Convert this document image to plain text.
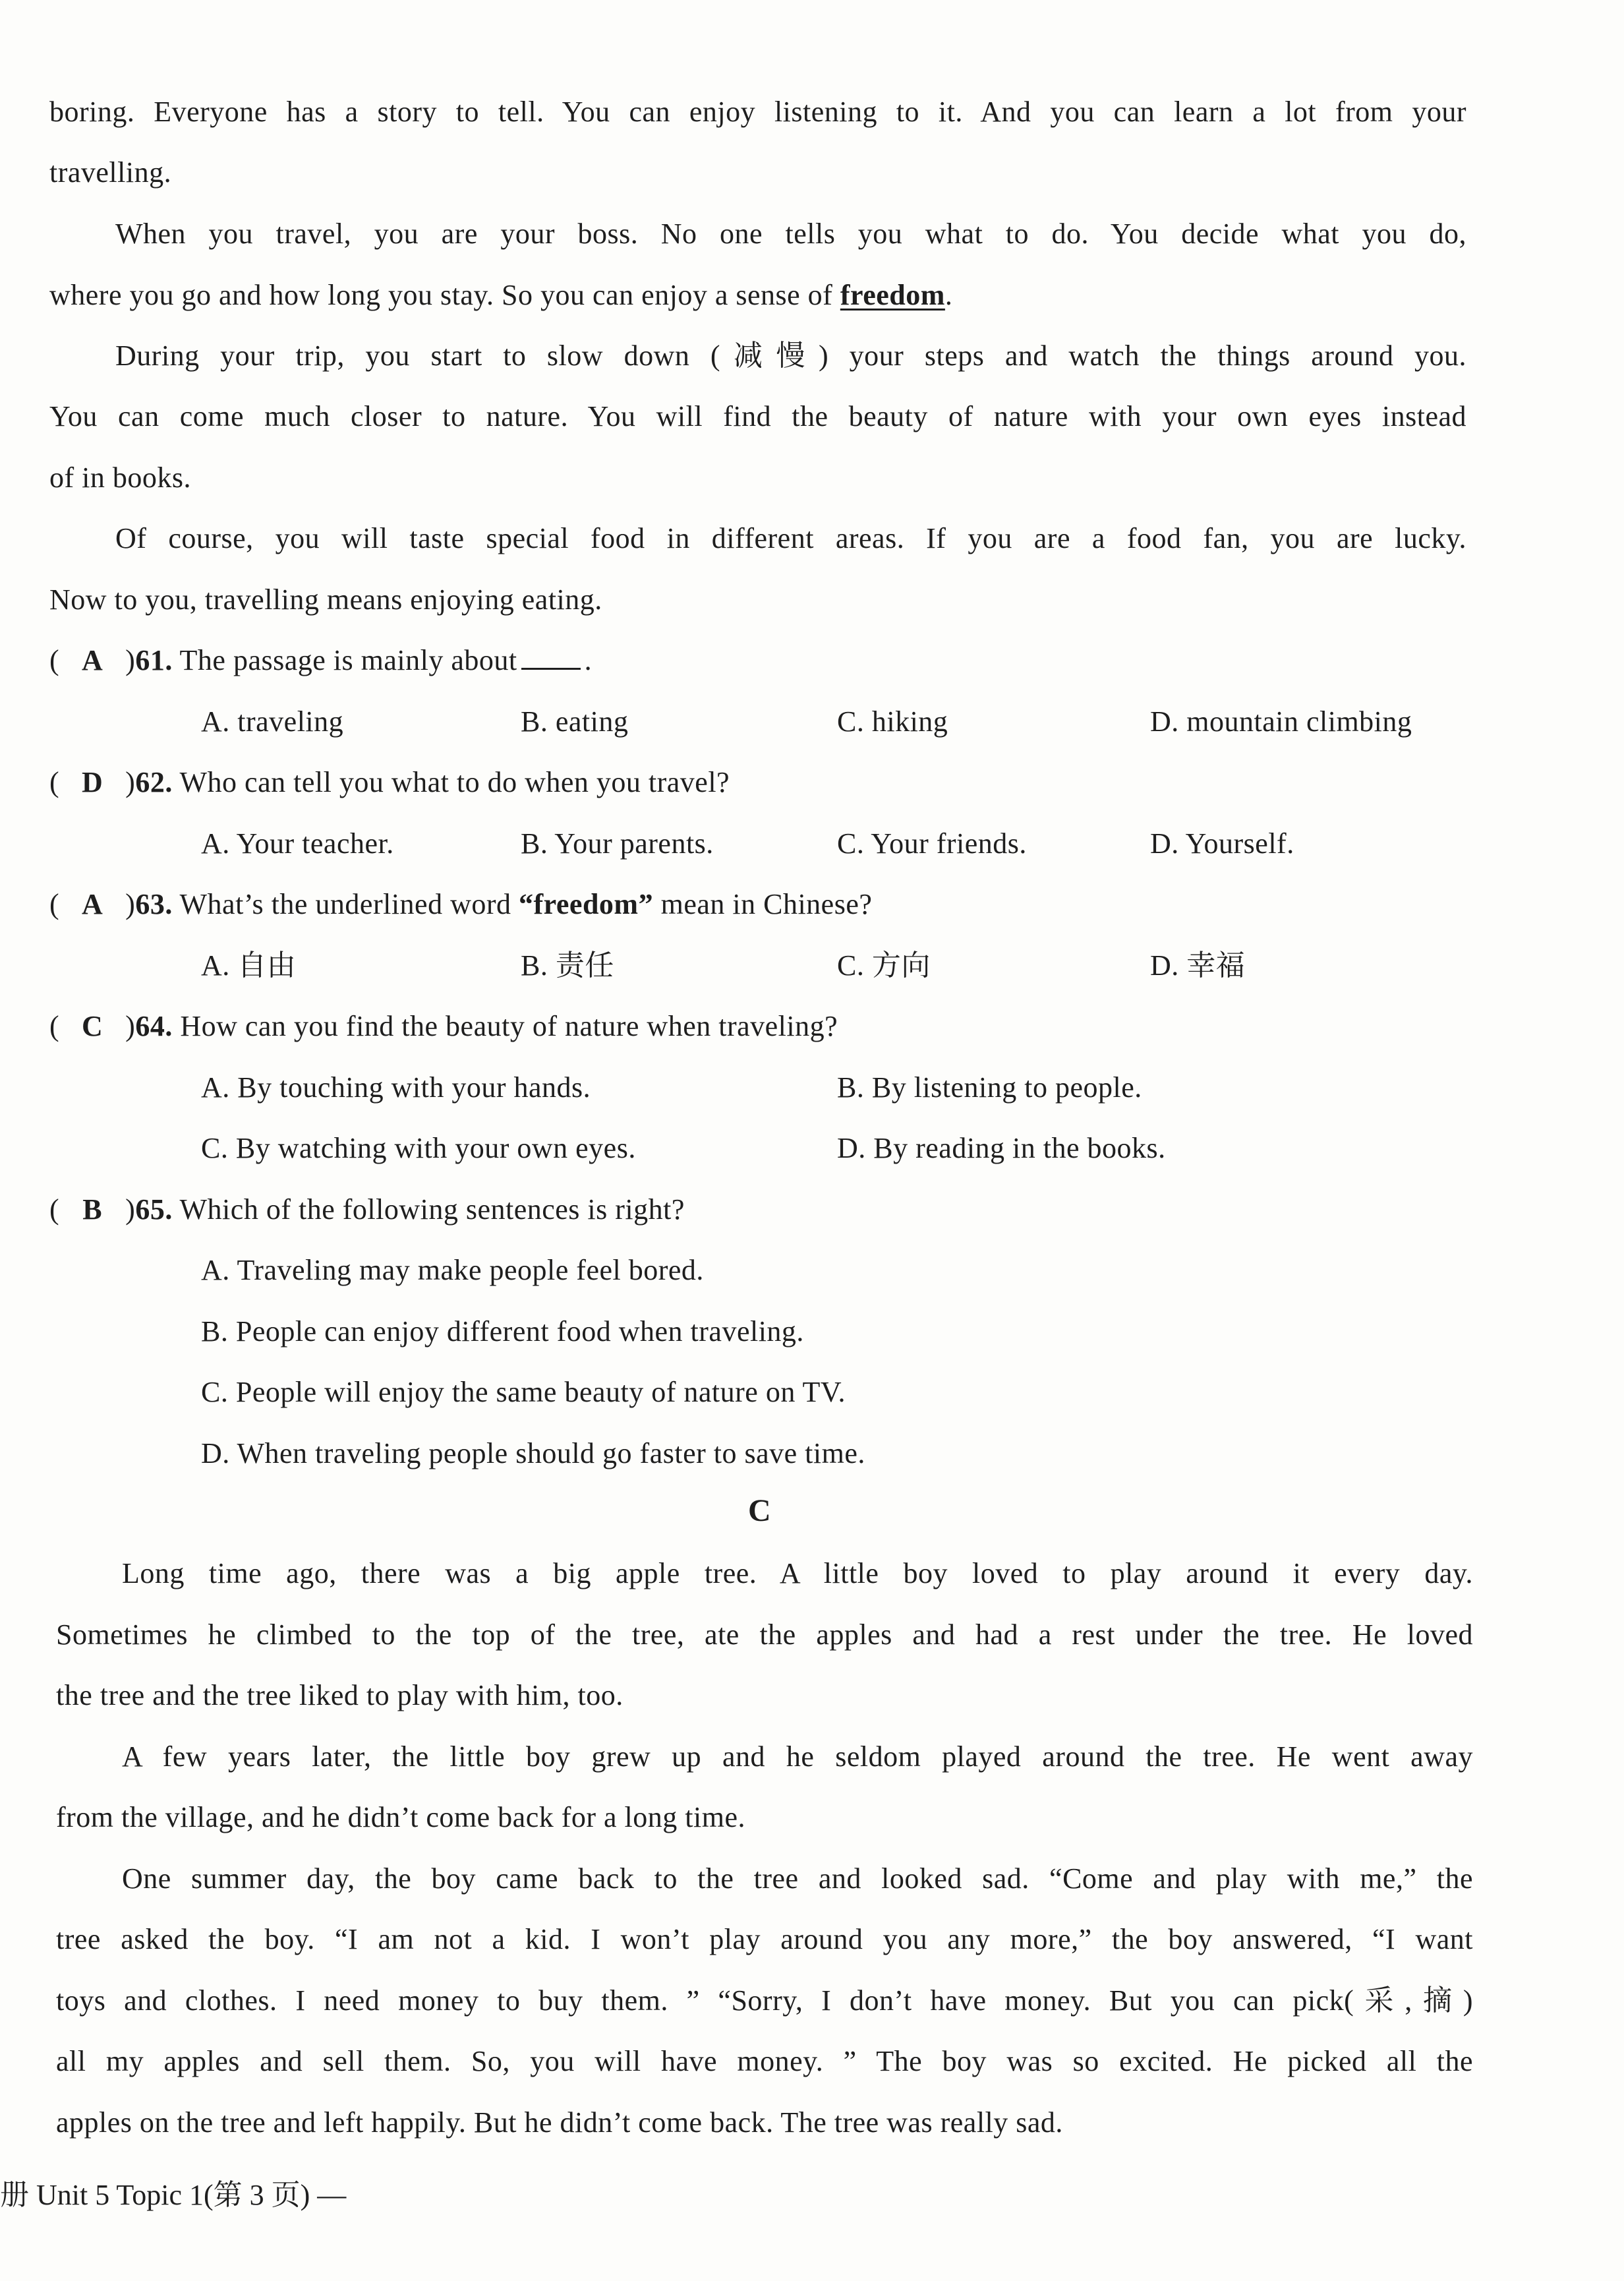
boring. Everyone has a story to tell. You can enjoy listening to it. And you can learn a lot from your
travelling.
When you travel, you are your boss. No one tells you what to do. You decide what you do,
where you go and how long you stay. So you can enjoy a sense of freedom.
During your trip, you start to slow down (减慢) your steps and watch the things around you.
You can come much closer to nature. You will find the beauty of nature with your own eyes instead
of in books.
Of course, you will taste special food in different areas. If you are a food fan, you are lucky.
Now to you, travelling means enjoying eating.
( A )61. The passage is mainly about .
A. traveling	B. eating	C. hiking	D. mountain climbing
( D )62. Who can tell you what to do when you travel?
A. Your teacher.	B. Your parents.	C. Your friends.	D. Yourself.
( A )63. What’s the underlined word “freedom” mean in Chinese?
A. 自由	B. 责任	C. 方向	D. 幸福
( C )64. How can you find the beauty of nature when traveling?
A. By touching with your hands.	B. By listening to people.
C. By watching with your own eyes.	D. By reading in the books.
( B )65. Which of the following sentences is right?
A. Traveling may make people feel bored.
B. People can enjoy different food when traveling.
C. People will enjoy the same beauty of nature on TV.
D. When traveling people should go faster to save time.
C
Long time ago, there was a big apple tree. A little boy loved to play around it every day.
Sometimes he climbed to the top of the tree, ate the apples and had a rest under the tree. He loved
the tree and the tree liked to play with him, too.
A few years later, the little boy grew up and he seldom played around the tree. He went away
from the village, and he didn’t come back for a long time.
One summer day, the boy came back to the tree and looked sad. “Come and play with me,” the
tree asked the boy. “I am not a kid. I won’t play around you any more,” the boy answered, “I want
toys and clothes. I need money to buy them. ” “Sorry, I don’t have money. But you can pick(采,摘)
all my apples and sell them. So, you will have money. ” The boy was so excited. He picked all the
apples on the tree and left happily. But he didn’t come back. The tree was really sad.
册 Unit 5 Topic 1(第 3 页) —
